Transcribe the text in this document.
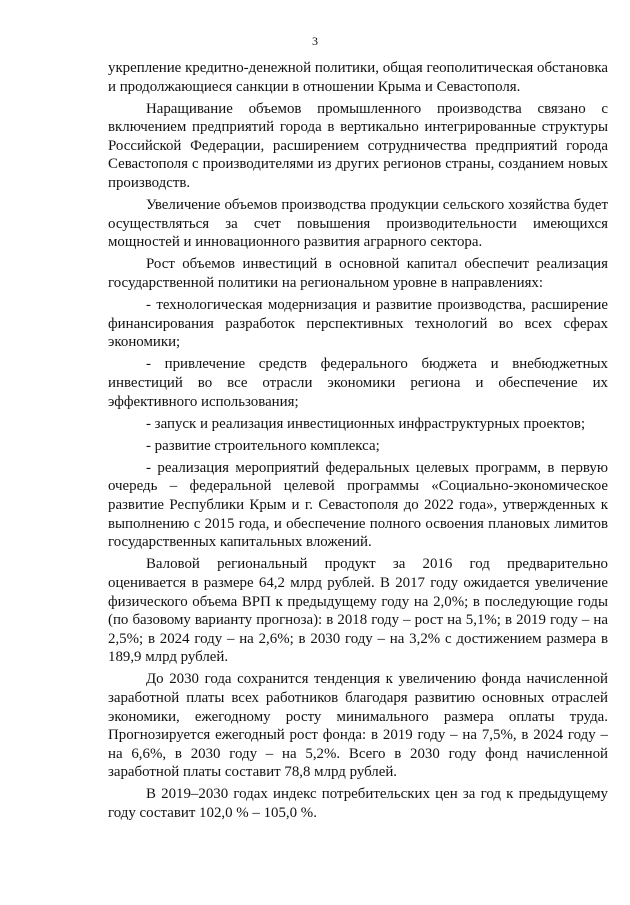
3

укрепление кредитно-денежной политики, общая геополитическая обстановка и продолжающиеся санкции в отношении Крыма и Севастополя.

Наращивание объемов промышленного производства связано с включением предприятий города в вертикально интегрированные структуры Российской Федерации, расширением сотрудничества предприятий города Севастополя с производителями из других регионов страны, созданием новых производств.

Увеличение объемов производства продукции сельского хозяйства будет осуществляться за счет повышения производительности имеющихся мощностей и инновационного развития аграрного сектора.

Рост объемов инвестиций в основной капитал обеспечит реализация государственной политики на региональном уровне в направлениях:

- технологическая модернизация и развитие производства, расширение финансирования разработок перспективных технологий во всех сферах экономики;

- привлечение средств федерального бюджета и внебюджетных инвестиций во все отрасли экономики региона и обеспечение их эффективного использования;

- запуск и реализация инвестиционных инфраструктурных проектов;

- развитие строительного комплекса;

- реализация мероприятий федеральных целевых программ, в первую очередь – федеральной целевой программы «Социально-экономическое развитие Республики Крым и г. Севастополя до 2022 года», утвержденных к выполнению с 2015 года, и обеспечение полного освоения плановых лимитов государственных капитальных вложений.

Валовой региональный продукт за 2016 год предварительно оценивается в размере 64,2 млрд рублей. В 2017 году ожидается увеличение физического объема ВРП к предыдущему году на 2,0%; в последующие годы (по базовому варианту прогноза): в 2018 году – рост на 5,1%; в 2019 году – на 2,5%; в 2024 году – на 2,6%; в 2030 году – на 3,2% с достижением размера в 189,9 млрд рублей.

До 2030 года сохранится тенденция к увеличению фонда начисленной заработной платы всех работников благодаря развитию основных отраслей экономики, ежегодному росту минимального размера оплаты труда. Прогнозируется ежегодный рост фонда: в 2019 году – на 7,5%, в 2024 году – на 6,6%, в 2030 году – на 5,2%. Всего в 2030 году фонд начисленной заработной платы составит 78,8 млрд рублей.

В 2019–2030 годах индекс потребительских цен за год к предыдущему году составит 102,0 % – 105,0 %.
